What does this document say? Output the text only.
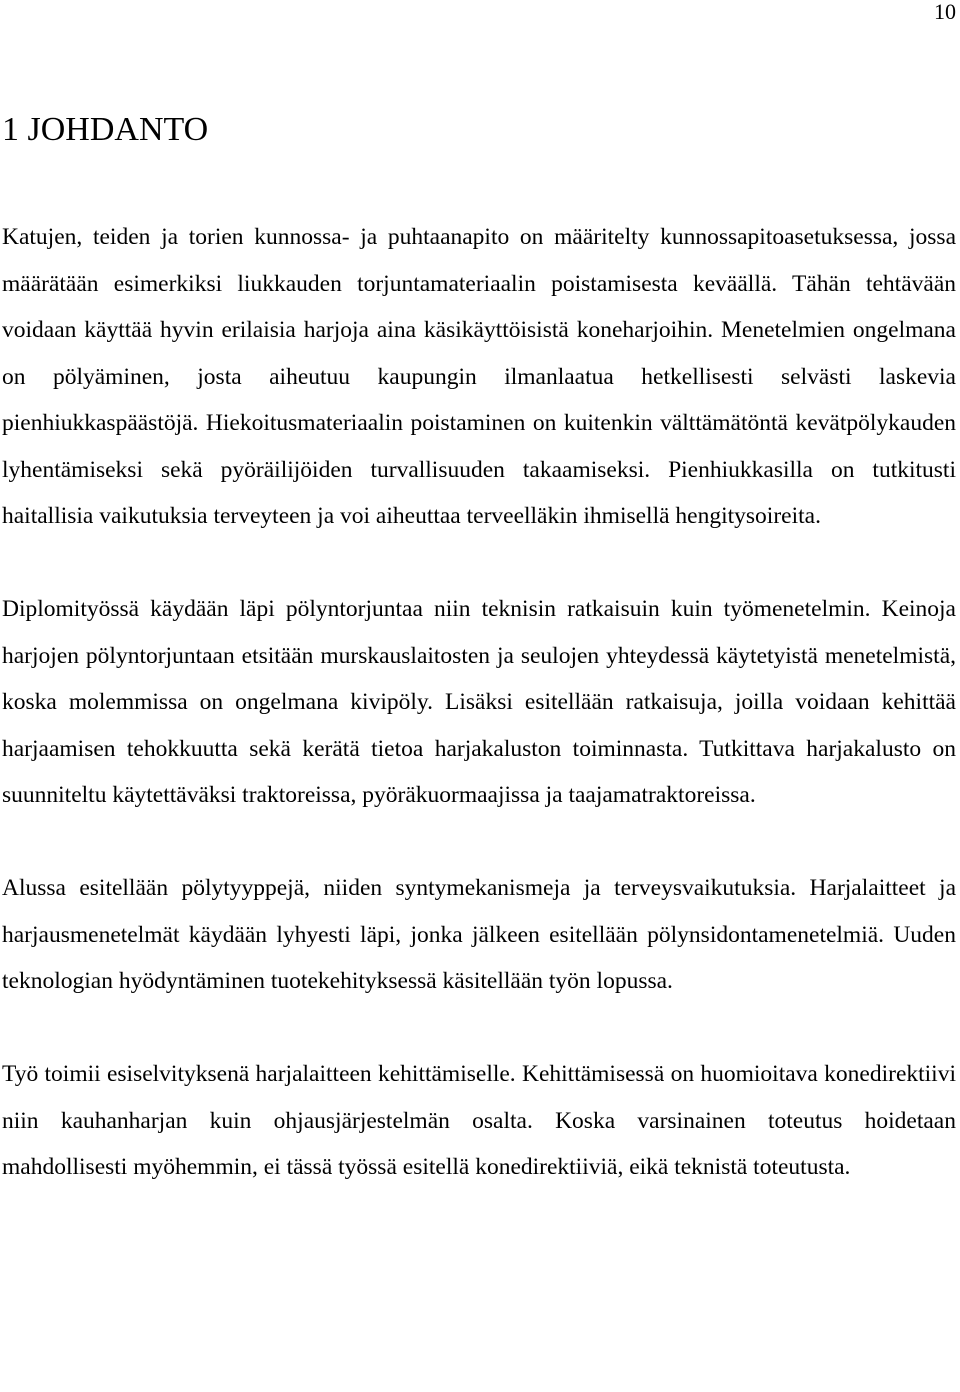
10
1 JOHDANTO

Katujen, teiden ja torien kunnossa- ja puhtaanapito on määritelty kunnossapitoasetuksessa, jossa määrätään esimerkiksi liukkauden torjuntamateriaalin poistamisesta keväällä. Tähän tehtävään voidaan käyttää hyvin erilaisia harjoja aina käsikäyttöisistä koneharjoihin. Menetelmien ongelmana on pölyäminen, josta aiheutuu kaupungin ilmanlaatua hetkellisesti selvästi laskevia pienhiukkaspäästöjä. Hiekoitusmateriaalin poistaminen on kuitenkin välttämätöntä kevätpölykauden lyhentämiseksi sekä pyöräilijöiden turvallisuuden takaamiseksi. Pienhiukkasilla on tutkitusti haitallisia vaikutuksia terveyteen ja voi aiheuttaa terveelläkin ihmisellä hengitysoireita.

Diplomityössä käydään läpi pölyntorjuntaa niin teknisin ratkaisuin kuin työmenetelmin. Keinoja harjojen pölyntorjuntaan etsitään murskauslaitosten ja seulojen yhteydessä käytetyistä menetelmistä, koska molemmissa on ongelmana kivipöly. Lisäksi esitellään ratkaisuja, joilla voidaan kehittää harjaamisen tehokkuutta sekä kerätä tietoa harjakaluston toiminnasta. Tutkittava harjakalusto on suunniteltu käytettäväksi traktoreissa, pyöräkuormaajissa ja taajamatraktoreissa.

Alussa esitellään pölytyyppejä, niiden syntymekanismeja ja terveysvaikutuksia. Harjalaitteet ja harjausmenetelmät käydään lyhyesti läpi, jonka jälkeen esitellään pölynsidontamenetelmiä. Uuden teknologian hyödyntäminen tuotekehityksessä käsitellään työn lopussa.

Työ toimii esiselvityksenä harjalaitteen kehittämiselle. Kehittämisessä on huomioitava konedirektiivi niin kauhanharjan kuin ohjausjärjestelmän osalta. Koska varsinainen toteutus hoidetaan mahdollisesti myöhemmin, ei tässä työssä esitellä konedirektiiviä, eikä teknistä toteutusta.
